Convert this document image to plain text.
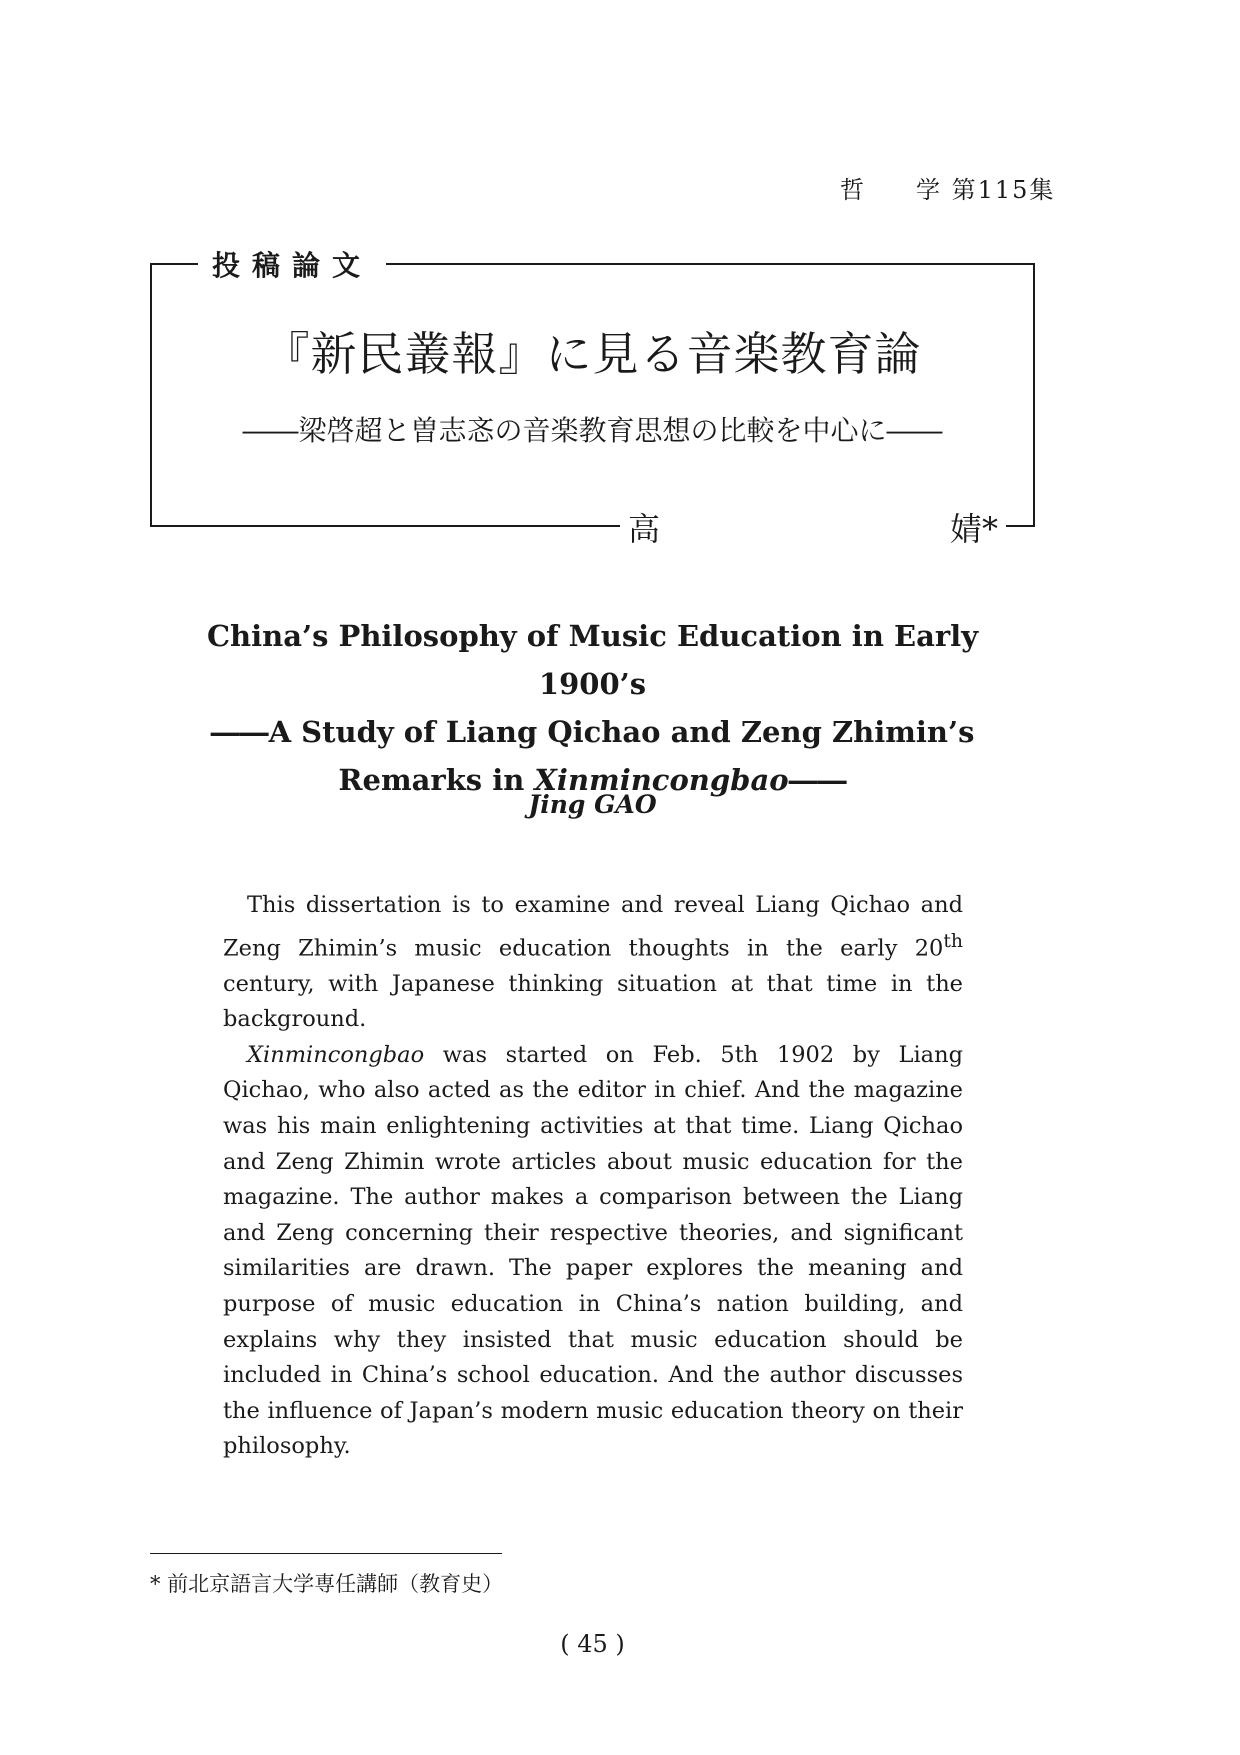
哲 学 第115集
投稿論文
『新民叢報』に見る音楽教育論
――梁啓超と曽志忞の音楽教育思想の比較を中心に――
高	婧*
China’s Philosophy of Music Education in Early 1900’s
――A Study of Liang Qichao and Zeng Zhimin’s
Remarks in Xinmincongbao――
Jing GAO

This dissertation is to examine and reveal Liang Qichao and Zeng Zhimin’s music education thoughts in the early 20th century, with Japanese thinking situation at that time in the background.

Xinmincongbao was started on Feb. 5th 1902 by Liang Qichao, who also acted as the editor in chief. And the magazine was his main enlightening activities at that time. Liang Qichao and Zeng Zhimin wrote articles about music education for the magazine. The author makes a comparison between the Liang and Zeng concerning their respective theories, and significant similarities are drawn. The paper explores the meaning and purpose of music education in China’s nation building, and explains why they insisted that music education should be included in China’s school education. And the author discusses the influence of Japan’s modern music education theory on their philosophy.

* 前北京語言大学専任講師（教育史）
( 45 )
